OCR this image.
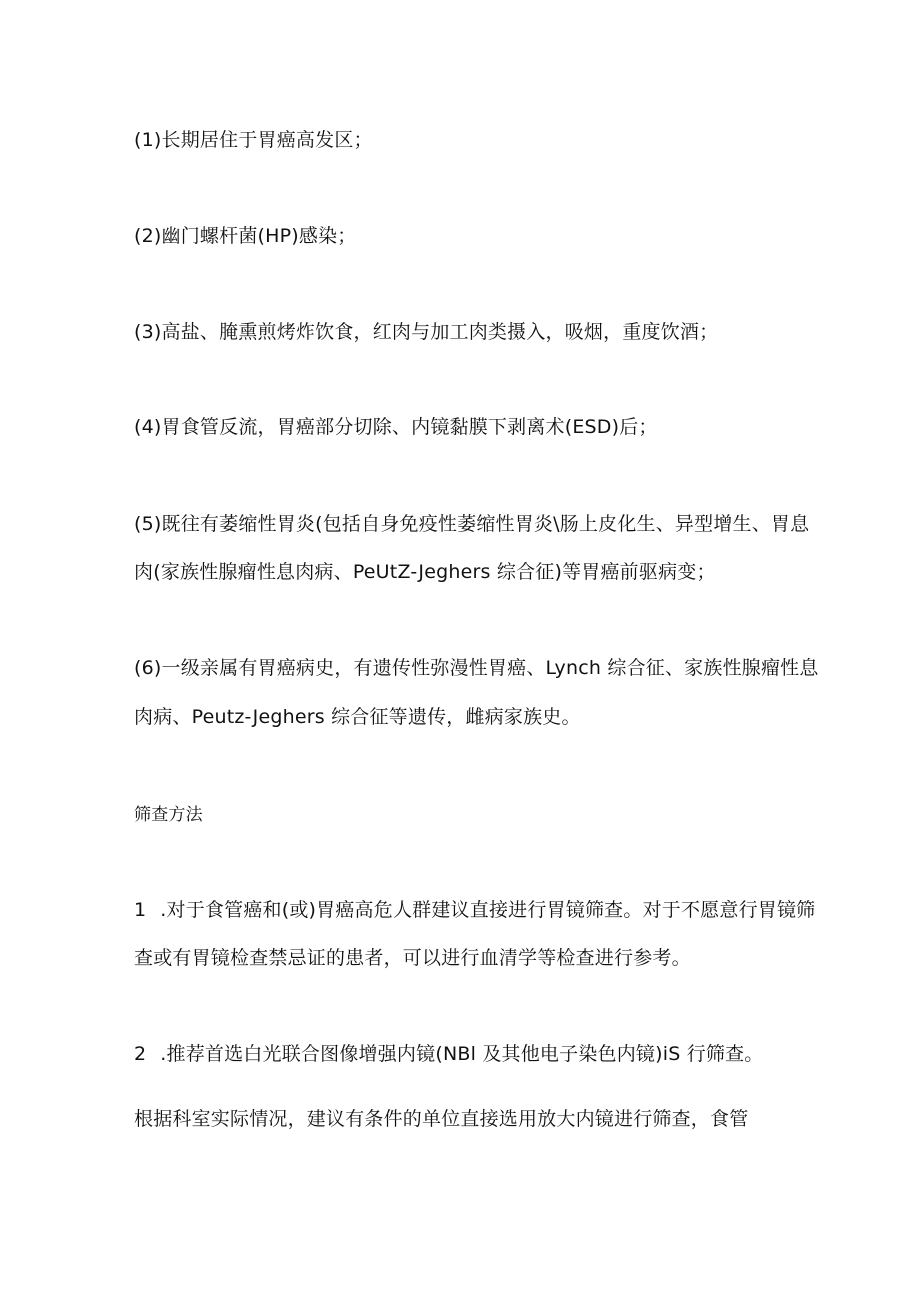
(1)长期居住于胃癌高发区；
(2)幽门螺杆菌(HP)感染；
(3)高盐、腌熏煎烤炸饮食，红肉与加工肉类摄入，吸烟，重度饮酒；
(4)胃食管反流，胃癌部分切除、内镜黏膜下剥离术(ESD)后；
(5)既往有萎缩性胃炎(包括自身免疫性萎缩性胃炎\肠上皮化生、异型增生、胃息
肉(家族性腺瘤性息肉病、PeUtZ-Jeghers 综合征)等胃癌前驱病变；
(6)一级亲属有胃癌病史，有遗传性弥漫性胃癌、Lynch 综合征、家族性腺瘤性息
肉病、Peutz-Jeghers 综合征等遗传，雌病家族史。
筛查方法
1 .对于食管癌和(或)胃癌高危人群建议直接进行胃镜筛查。对于不愿意行胃镜筛
查或有胃镜检查禁忌证的患者，可以进行血清学等检查进行参考。
2 .推荐首选白光联合图像增强内镜(NBl 及其他电子染色内镜)iS 行筛查。
根据科室实际情况，建议有条件的单位直接选用放大内镜进行筛查，食管
